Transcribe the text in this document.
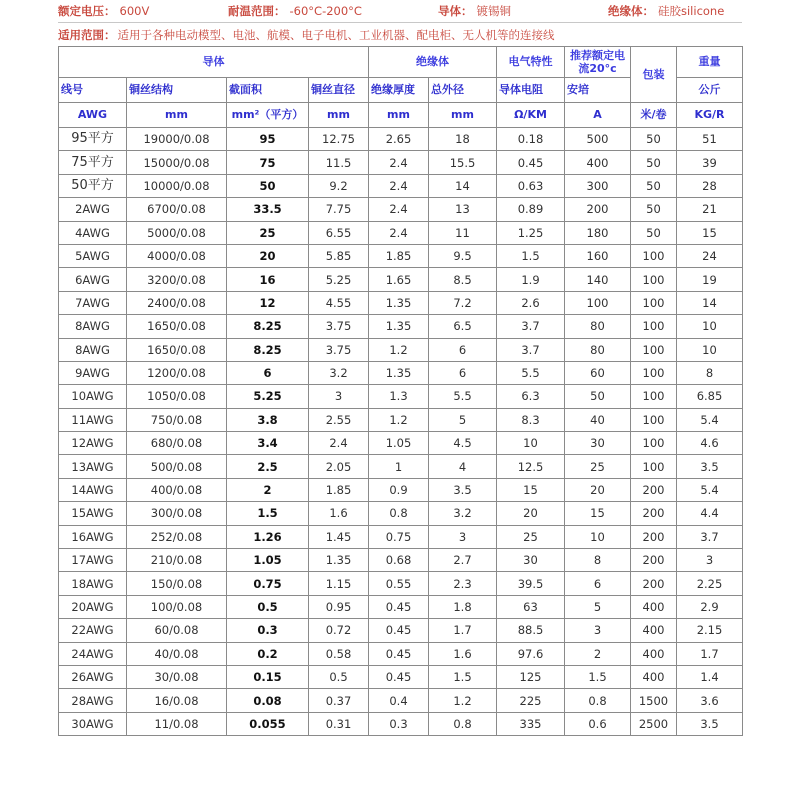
额定电压： 600V	耐温范围： -60°C-200°C	导体： 镀锡铜	绝缘体： 硅胶silicone
适用范围： 适用于各种电动模型、电池、航模、电子电机、工业机器、配电柜、无人机等的连接线
导体				绝缘体		电气特性	推荐额定电流20°c	包装	重量
线号	铜丝结构	截面积	铜丝直径	绝缘厚度	总外径	导体电阻	安培		公斤
AWG	mm	mm²（平方）	mm	mm	mm	Ω/KM	A	米/卷	KG/R
95平方	19000/0.08	95	12.75	2.65	18	0.18	500	50	51
75平方	15000/0.08	75	11.5	2.4	15.5	0.45	400	50	39
50平方	10000/0.08	50	9.2	2.4	14	0.63	300	50	28
2AWG	6700/0.08	33.5	7.75	2.4	13	0.89	200	50	21
4AWG	5000/0.08	25	6.55	2.4	11	1.25	180	50	15
5AWG	4000/0.08	20	5.85	1.85	9.5	1.5	160	100	24
6AWG	3200/0.08	16	5.25	1.65	8.5	1.9	140	100	19
7AWG	2400/0.08	12	4.55	1.35	7.2	2.6	100	100	14
8AWG	1650/0.08	8.25	3.75	1.35	6.5	3.7	80	100	10
8AWG	1650/0.08	8.25	3.75	1.2	6	3.7	80	100	10
9AWG	1200/0.08	6	3.2	1.35	6	5.5	60	100	8
10AWG	1050/0.08	5.25	3	1.3	5.5	6.3	50	100	6.85
11AWG	750/0.08	3.8	2.55	1.2	5	8.3	40	100	5.4
12AWG	680/0.08	3.4	2.4	1.05	4.5	10	30	100	4.6
13AWG	500/0.08	2.5	2.05	1	4	12.5	25	100	3.5
14AWG	400/0.08	2	1.85	0.9	3.5	15	20	200	5.4
15AWG	300/0.08	1.5	1.6	0.8	3.2	20	15	200	4.4
16AWG	252/0.08	1.26	1.45	0.75	3	25	10	200	3.7
17AWG	210/0.08	1.05	1.35	0.68	2.7	30	8	200	3
18AWG	150/0.08	0.75	1.15	0.55	2.3	39.5	6	200	2.25
20AWG	100/0.08	0.5	0.95	0.45	1.8	63	5	400	2.9
22AWG	60/0.08	0.3	0.72	0.45	1.7	88.5	3	400	2.15
24AWG	40/0.08	0.2	0.58	0.45	1.6	97.6	2	400	1.7
26AWG	30/0.08	0.15	0.5	0.45	1.5	125	1.5	400	1.4
28AWG	16/0.08	0.08	0.37	0.4	1.2	225	0.8	1500	3.6
30AWG	11/0.08	0.055	0.31	0.3	0.8	335	0.6	2500	3.5
